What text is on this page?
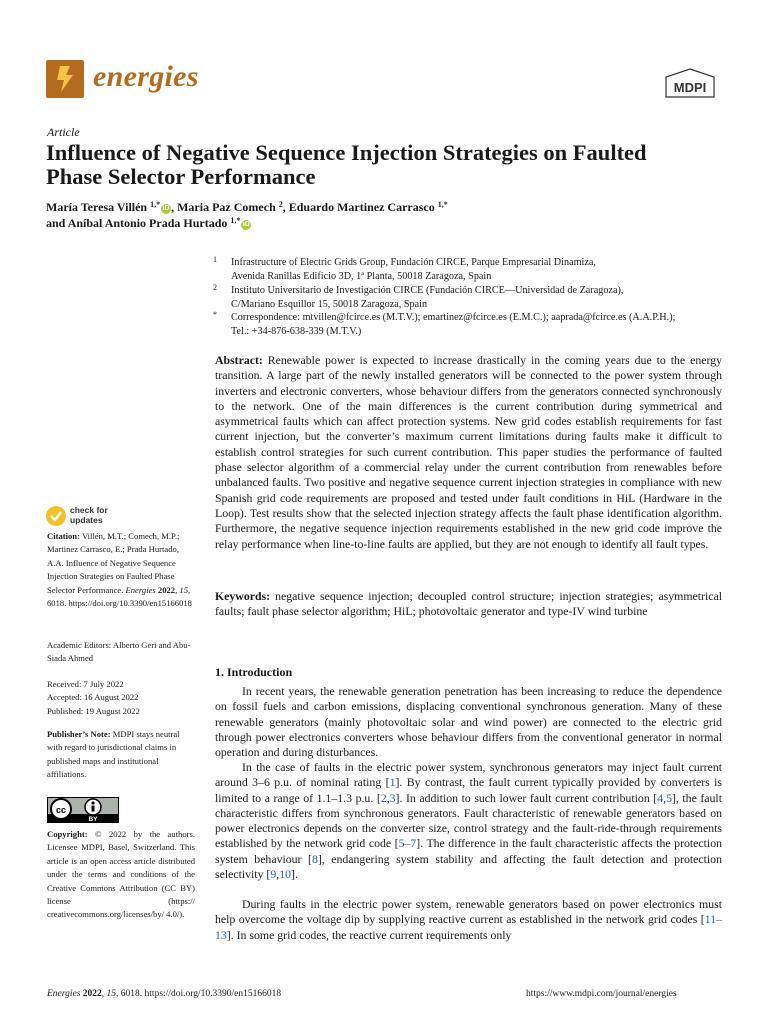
energies	MDPI
Article
Influence of Negative Sequence Injection Strategies on Faulted
Phase Selector Performance
María Teresa Villén $^{1,*}$ iD , Maria Paz Comech $^2$, Eduardo Martinez Carrasco $^{1,*}$
and Aníbal Antonio Prada Hurtado $^{1,*}$ iD
1 Infrastructure of Electric Grids Group, Fundación CIRCE, Parque Empresarial Dinamiza,
Avenida Ranillas Edificio 3D, 1ª Planta, 50018 Zaragoza, Spain
2 Instituto Universitario de Investigación CIRCE (Fundación CIRCE—Universidad de Zaragoza),
C/Mariano Esquillor 15, 50018 Zaragoza, Spain
* Correspondence: mtvillen@fcirce.es (M.T.V.); emartinez@fcirce.es (E.M.C.); aaprada@fcirce.es (A.A.P.H.);
Tel.: +34-876-638-339 (M.T.V.)
Abstract: Renewable power is expected to increase drastically in the coming years due to the energy transition. A large part of the newly installed generators will be connected to the power system through inverters and electronic converters, whose behaviour differs from the generators connected synchronously to the network. One of the main differences is the current contribution during symmetrical and asymmetrical faults which can affect protection systems. New grid codes establish requirements for fast current injection, but the converter’s maximum current limitations during faults make it difficult to establish control strategies for such current contribution. This paper studies the performance of faulted phase selector algorithm of a commercial relay under the current contribution from renewables before unbalanced faults. Two positive and negative sequence current injection strategies in compliance with new Spanish grid code requirements are proposed and tested under fault conditions in HiL (Hardware in the Loop). Test results show that the selected injection strategy affects the fault phase identification algorithm. Furthermore, the negative sequence injection requirements established in the new grid code improve the relay performance when line-to-line faults are applied, but they are not enough to identify all fault types.
Keywords: negative sequence injection; decoupled control structure; injection strategies; asymmetrical faults; fault phase selector algorithm; HiL; photovoltaic generator and type-IV wind turbine
1. Introduction
In recent years, the renewable generation penetration has been increasing to reduce the dependence on fossil fuels and carbon emissions, displacing conventional synchronous generation. Many of these renewable generators (mainly photovoltaic solar and wind power) are connected to the electric grid through power electronics converters whose behaviour differs from the conventional generator in normal operation and during disturbances.
In the case of faults in the electric power system, synchronous generators may inject fault current around 3–6 p.u. of nominal rating [1]. By contrast, the fault current typically provided by converters is limited to a range of 1.1–1.3 p.u. [2,3]. In addition to such lower fault current contribution [4,5], the fault characteristic differs from synchronous generators. Fault characteristic of renewable generators based on power electronics depends on the converter size, control strategy and the fault-ride-through requirements established by the network grid code [5–7]. The difference in the fault characteristic affects the protection system behaviour [8], endangering system stability and affecting the fault detection and protection selectivity [9,10].
During faults in the electric power system, renewable generators based on power electronics must help overcome the voltage dip by supplying reactive current as established in the network grid codes [11–13]. In some grid codes, the reactive current requirements only
check for
updates
Citation: Villén, M.T.; Comech, M.P.; Martinez Carrasco, E.; Prada Hurtado, A.A. Influence of Negative Sequence Injection Strategies on Faulted Phase Selector Performance. Energies 2022, 15, 6018. https://doi.org/10.3390/en15166018
Academic Editors: Alberto Geri and Abu-Siada Ahmed
Received: 7 July 2022
Accepted: 16 August 2022
Published: 19 August 2022
Publisher’s Note: MDPI stays neutral with regard to jurisdictional claims in published maps and institutional affiliations.
cc
BY
Copyright: © 2022 by the authors. Licensee MDPI, Basel, Switzerland. This article is an open access article distributed under the terms and conditions of the Creative Commons Attribution (CC BY) license (https:// creativecommons.org/licenses/by/ 4.0/).
Energies 2022, 15, 6018. https://doi.org/10.3390/en15166018	https://www.mdpi.com/journal/energies
